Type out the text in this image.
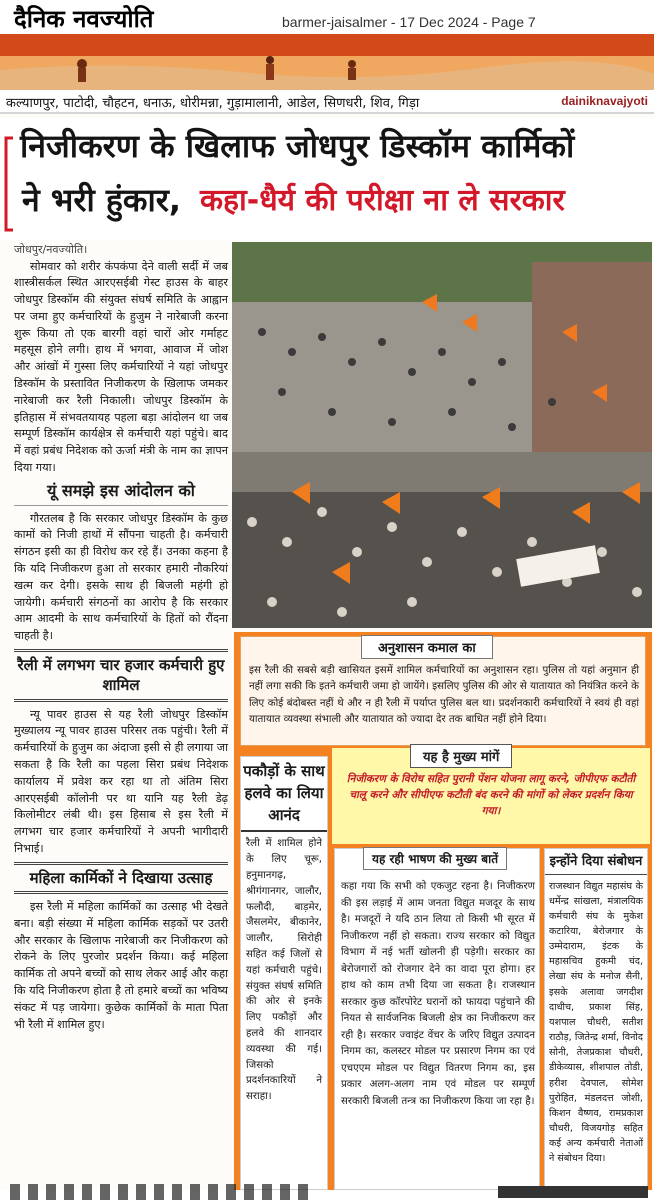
दैनिक नवज्योति	barmer-jaisalmer - 17 Dec 2024 - Page 7
कल्याणपुर, पाटोदी, चौहटन, धनाऊ, धोरीमन्ना, गुड़ामालानी, आडेल, सिणधरी, शिव, गिड़ा	dainiknavajyoti
निजीकरण के खिलाफ जोधपुर डिस्कॉम कार्मिकों
ने भरी हुंकार, कहा-धैर्य की परीक्षा ना ले सरकार
जोधपुर/नवज्योति।

सोमवार को शरीर कंपकंपा देने वाली सर्दी में जब शास्त्रीसर्कल स्थित आरएसईबी गेस्ट हाउस के बाहर जोधपुर डिस्कॉम की संयुक्त संघर्ष समिति के आह्वान पर जमा हुए कर्मचारियों के हुजुम ने नारेबाजी करना शुरू किया तो एक बारगी वहां चारों ओर गर्माहट महसूस होने लगी। हाथ में भगवा, आवाज में जोश और आंखों में गुस्सा लिए कर्मचारियों ने यहां जोधपुर डिस्कॉम के प्रस्तावित निजीकरण के खिलाफ जमकर नारेबाजी कर रैली निकाली। जोधपुर डिस्कॉम के इतिहास में संभवतयायह पहला बड़ा आंदोलन था जब सम्पूर्ण डिस्कॉम कार्यक्षेत्र से कर्मचारी यहां पहुंचे। बाद में वहां प्रबंध निदेशक को ऊर्जा मंत्री के नाम का ज्ञापन दिया गया।

यूं समझे इस आंदोलन को

गौरतलब है कि सरकार जोधपुर डिस्कॉम के कुछ कामों को निजी हाथों में सौंपना चाहती है। कर्मचारी संगठन इसी का ही विरोध कर रहे हैं। उनका कहना है कि यदि निजीकरण हुआ तो सरकार हमारी नौकरियां खत्म कर देगी। इसके साथ ही बिजली महंगी हो जायेगी। कर्मचारी संगठनों का आरोप है कि सरकार आम आदमी के साथ कर्मचारियों के हितों को रौंदना चाहती है।

रैली में लगभग चार हजार कर्मचारी हुए शामिल

न्यू पावर हाउस से यह रैली जोधपुर डिस्कॉम मुख्यालय न्यू पावर हाउस परिसर तक पहुंची। रैली में कर्मचारियों के हुजुम का अंदाजा इसी से ही लगाया जा सकता है कि रैली का पहला सिरा प्रबंध निदेशक कार्यालय में प्रवेश कर रहा था तो अंतिम सिरा आरएसईबी कॉलोनी पर था यानि यह रैली डेढ़ किलोमीटर लंबी थी। इस हिसाब से इस रैली में लगभग चार हजार कर्मचारियों ने अपनी भागीदारी निभाई।

महिला कार्मिकों ने दिखाया उत्साह

इस रैली में महिला कार्मिकों का उत्साह भी देखते बना। बड़ी संख्या में महिला कार्मिक सड़कों पर उतरी और सरकार के खिलाफ नारेबाजी कर निजीकरण को रोकने के लिए पुरजोर प्रदर्शन किया। कई महिला कार्मिक तो अपने बच्चों को साथ लेकर आई और कहा कि यदि निजीकरण होता है तो हमारे बच्चों का भविष्य संकट में पड़ जायेगा। कुछेक कार्मिकों के माता पिता भी रैली में शामिल हुए।

अनुशासन कमाल का
इस रैली की सबसे बड़ी खासियत इसमें शामिल कर्मचारियों का अनुशासन रहा। पुलिस तो यहां अनुमान ही नहीं लगा सकी कि इतने कर्मचारी जमा हो जायेंगे। इसलिए पुलिस की ओर से यातायात को नियंत्रित करने के लिए कोई बंदोबस्त नहीं थे और न ही रैली में पर्याप्त पुलिस बल था। प्रदर्शनकारी कर्मचारियों ने स्वयं ही वहां यातायात व्यवस्था संभाली और यातायात को ज्यादा देर तक बाधित नहीं होने दिया।
पकौड़ों के साथ हलवे का लिया आनंद
रैली में शामिल होने के लिए चूरू, हनुमानगढ़, श्रीगंगानगर, जालौर, फलौदी, बाड़मेर, जैसलमेर, बीकानेर, जालौर, सिरोही सहित कई जिलों से यहां कर्मचारी पहुंचे। संयुक्त संघर्ष समिति की ओर से इनके लिए पकौड़ों और हलवे की शानदार व्यवस्था की गई। जिसको प्रदर्शनकारियों ने सराहा।
यह है मुख्य मांगें
निजीकरण के विरोध सहित पुरानी पेंशन योजना लागू करने, जीपीएफ कटौती चालू करने और सीपीएफ कटौती बंद करने की मांगों को लेकर प्रदर्शन किया गया।
यह रही भाषण की मुख्य बातें
कहा गया कि सभी को एकजुट रहना है। निजीकरण की इस लड़ाई में आम जनता विद्युत मजदूर के साथ है। मजदूरों ने यदि ठान लिया तो किसी भी सूरत में निजीकरण नहीं हो सकता। राज्य सरकार को विद्युत विभाग में नई भर्ती खोलनी ही पड़ेगी। सरकार का बेरोजगारों को रोजगार देने का वादा पूरा होगा। हर हाथ को काम तभी दिया जा सकता है। राजस्थान सरकार कुछ कॉरपोरेट घरानों को फायदा पहुंचाने की नियत से सार्वजनिक बिजली क्षेत्र का निजीकरण कर रही है। सरकार ज्वाइंट वेंचर के जरिए विद्युत उत्पादन निगम का, कलस्टर मोडल पर प्रसारण निगम का एवं एचएएम मोडल पर विद्युत वितरण निगम का, इस प्रकार अलग-अलग नाम एवं मोडल पर सम्पूर्ण सरकारी बिजली तन्त्र का निजीकरण किया जा रहा है।
इन्होंने दिया संबोधन
राजस्थान विद्युत महासंघ के धर्मेन्द्र सांखला, मंत्रालयिक कर्मचारी संघ के मुकेश कटारिया, बेरोजगार के उम्मेदाराम, इंटक के महासचिव हुकमी चंद, लेखा संघ के मनोज सैनी, इसके अलावा जगदीश दाधीच, प्रकाश सिंह, यशपाल चौधरी, सतीश राठौड़, जितेन्द्र शर्मा, विनोद सोनी, तेजप्रकाश चौधरी, डीकेव्यास, शीशपाल तोडी, हरीश देवपाल, सोमेश पुरोहित, मंडलदत्त जोशी, किशन वैष्णव, रामप्रकाश चौधरी, विजयगोड़ सहित कई अन्य कर्मचारी नेताओं ने संबोधन दिया।
